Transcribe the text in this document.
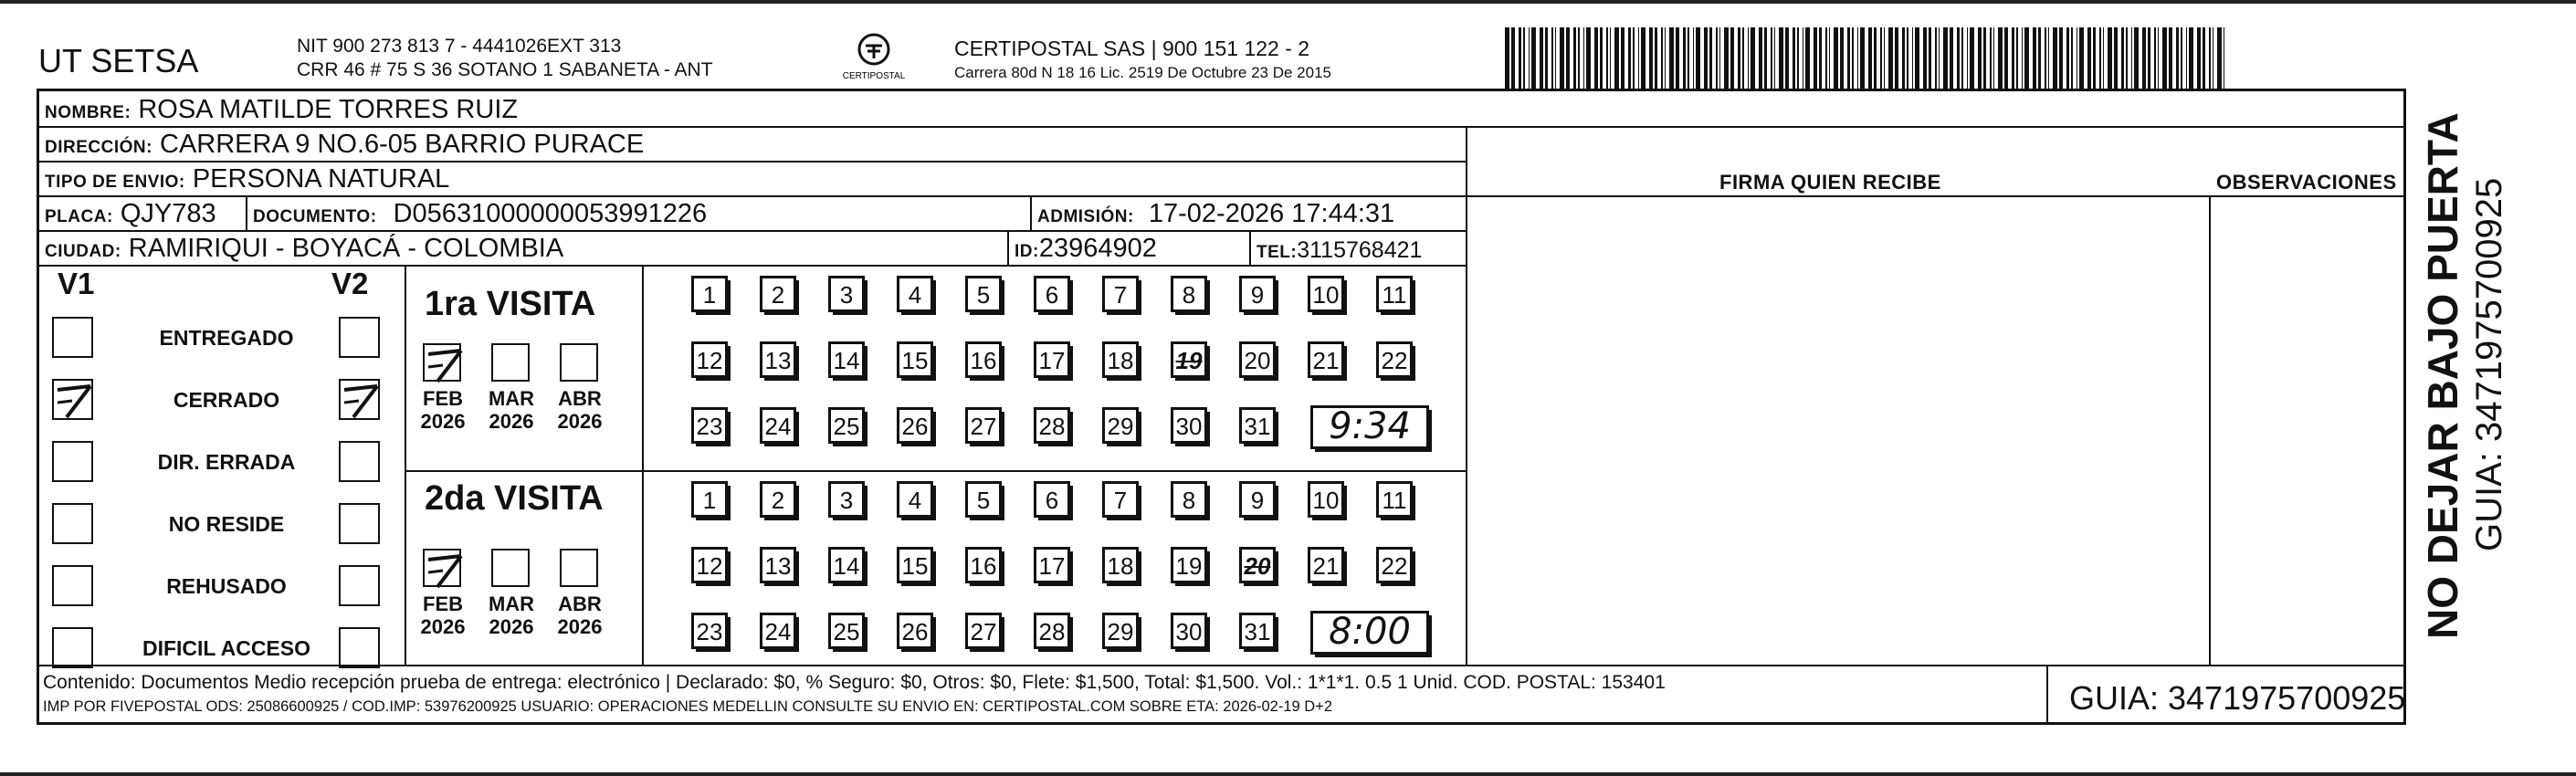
UT SETSA	NIT 900 273 813 7 - 4441026EXT 313
CRR 46 # 75 S 36 SOTANO 1 SABANETA - ANT	CERTIPOSTAL
CERTIPOSTAL SAS | 900 151 122 - 2
Carrera 80d N 18 16 Lic. 2519 De Octubre 23 De 2015
NOMBRE: ROSA MATILDE TORRES RUIZ
DIRECCIÓN: CARRERA 9 NO.6-05 BARRIO PURACE
TIPO DE ENVIO: PERSONA NATURAL	FIRMA QUIEN RECIBE	OBSERVACIONES
PLACA: QJY783 DOCUMENTO: D05631000000053991226	ADMISIÓN: 17-02-2026 17:44:31
CIUDAD: RAMIRIQUI - BOYACÁ - COLOMBIA	ID:23964902	TEL:3115768421
V1	V2
ENTREGADO
CERRADO
DIR. ERRADA
NO RESIDE
REHUSADO
DIFICIL ACCESO
1ra VISITA
2da VISITA
FEB
2026
MAR
2026
ABR
2026
1	2	3	4	5	6	7	8	9	10 11
12 13 14 15 16 17 18 19 20 21 22
23 24 25 26 27 28 29 30 31	9:34
FEB
2026
MAR
2026
ABR
2026
1	2	3	4	5	6	7	8	9	10 11
12 13 14 15 16 17 18 19 20 21 22
23 24 25 26 27 28 29 30 31	8:00
Contenido: Documentos Medio recepción prueba de entrega: electrónico | Declarado: $0, % Seguro: $0, Otros: $0, Flete: $1,500, Total: $1,500. Vol.: 1*1*1. 0.5 1 Unid. COD. POSTAL: 153401
IMP POR FIVEPOSTAL ODS: 25086600925 / COD.IMP: 53976200925 USUARIO: OPERACIONES MEDELLIN CONSULTE SU ENVIO EN: CERTIPOSTAL.COM SOBRE ETA: 2026-02-19 D+2	GUIA: 3471975700925
NO DEJAR BAJO PUERTA GUIA: 3471975700925
